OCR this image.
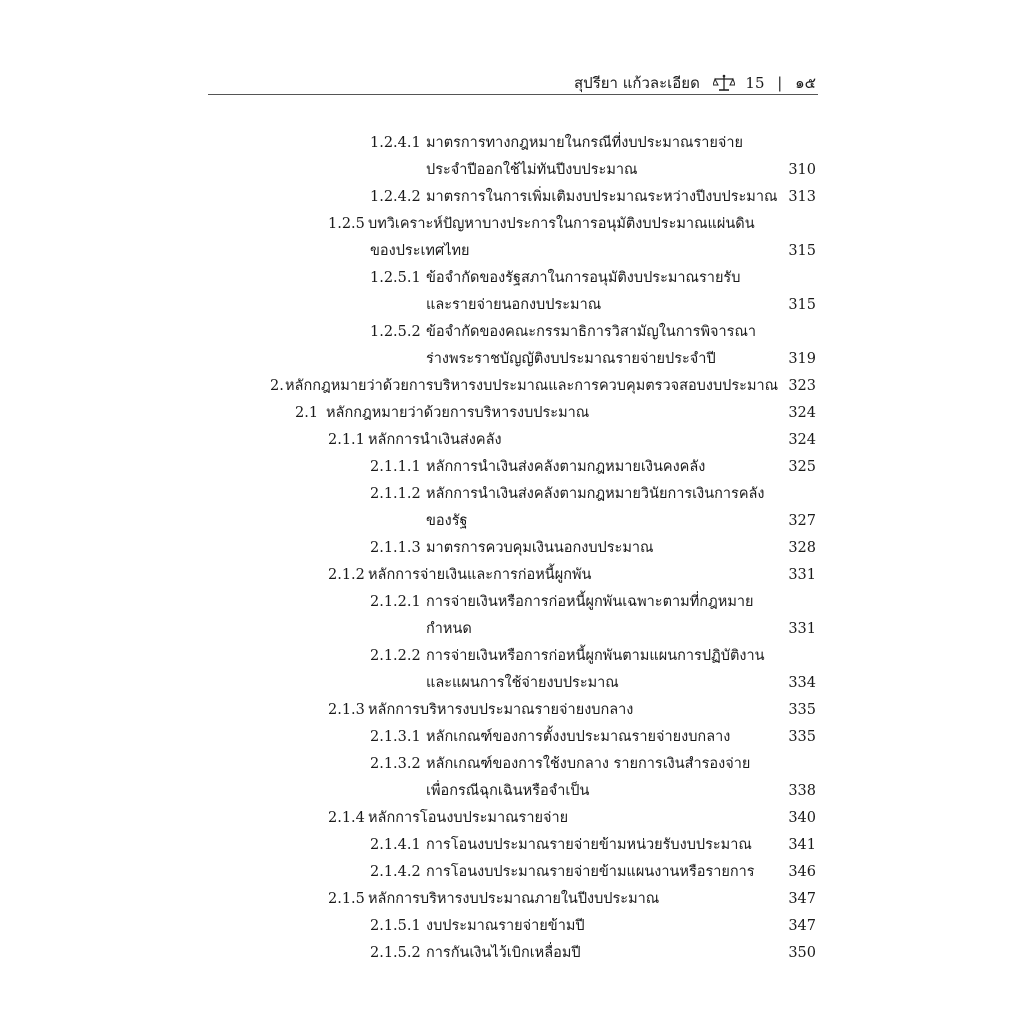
สุปรียา แก้วละเอียด	15 | ๑๕
1.2.4.1 มาตรการทางกฎหมายในกรณีที่งบประมาณรายจ่าย
ประจำปีออกใช้ไม่ทันปีงบประมาณ	310
1.2.4.2 มาตรการในการเพิ่มเติมงบประมาณระหว่างปีงบประมาณ 313
1.2.5 บทวิเคราะห์ปัญหาบางประการในการอนุมัติงบประมาณแผ่นดิน
ของประเทศไทย	315
1.2.5.1 ข้อจำกัดของรัฐสภาในการอนุมัติงบประมาณรายรับ
และรายจ่ายนอกงบประมาณ	315
1.2.5.2 ข้อจำกัดของคณะกรรมาธิการวิสามัญในการพิจารณา
ร่างพระราชบัญญัติงบประมาณรายจ่ายประจำปี	319
2. หลักกฎหมายว่าด้วยการบริหารงบประมาณและการควบคุมตรวจสอบงบประมาณ 323
2.1 หลักกฎหมายว่าด้วยการบริหารงบประมาณ	324
2.1.1 หลักการนำเงินส่งคลัง	324
2.1.1.1 หลักการนำเงินส่งคลังตามกฎหมายเงินคงคลัง	325
2.1.1.2 หลักการนำเงินส่งคลังตามกฎหมายวินัยการเงินการคลัง
ของรัฐ	327
2.1.1.3 มาตรการควบคุมเงินนอกงบประมาณ	328
2.1.2 หลักการจ่ายเงินและการก่อหนี้ผูกพัน	331
2.1.2.1 การจ่ายเงินหรือการก่อหนี้ผูกพันเฉพาะตามที่กฎหมาย
กำหนด	331
2.1.2.2 การจ่ายเงินหรือการก่อหนี้ผูกพันตามแผนการปฏิบัติงาน
และแผนการใช้จ่ายงบประมาณ	334
2.1.3 หลักการบริหารงบประมาณรายจ่ายงบกลาง	335
2.1.3.1 หลักเกณฑ์ของการตั้งงบประมาณรายจ่ายงบกลาง	335
2.1.3.2 หลักเกณฑ์ของการใช้งบกลาง รายการเงินสำรองจ่าย
เพื่อกรณีฉุกเฉินหรือจำเป็น	338
2.1.4 หลักการโอนงบประมาณรายจ่าย	340
2.1.4.1 การโอนงบประมาณรายจ่ายข้ามหน่วยรับงบประมาณ	341
2.1.4.2 การโอนงบประมาณรายจ่ายข้ามแผนงานหรือรายการ 346
2.1.5 หลักการบริหารงบประมาณภายในปีงบประมาณ	347
2.1.5.1 งบประมาณรายจ่ายข้ามปี	347
2.1.5.2 การกันเงินไว้เบิกเหลื่อมปี	350
